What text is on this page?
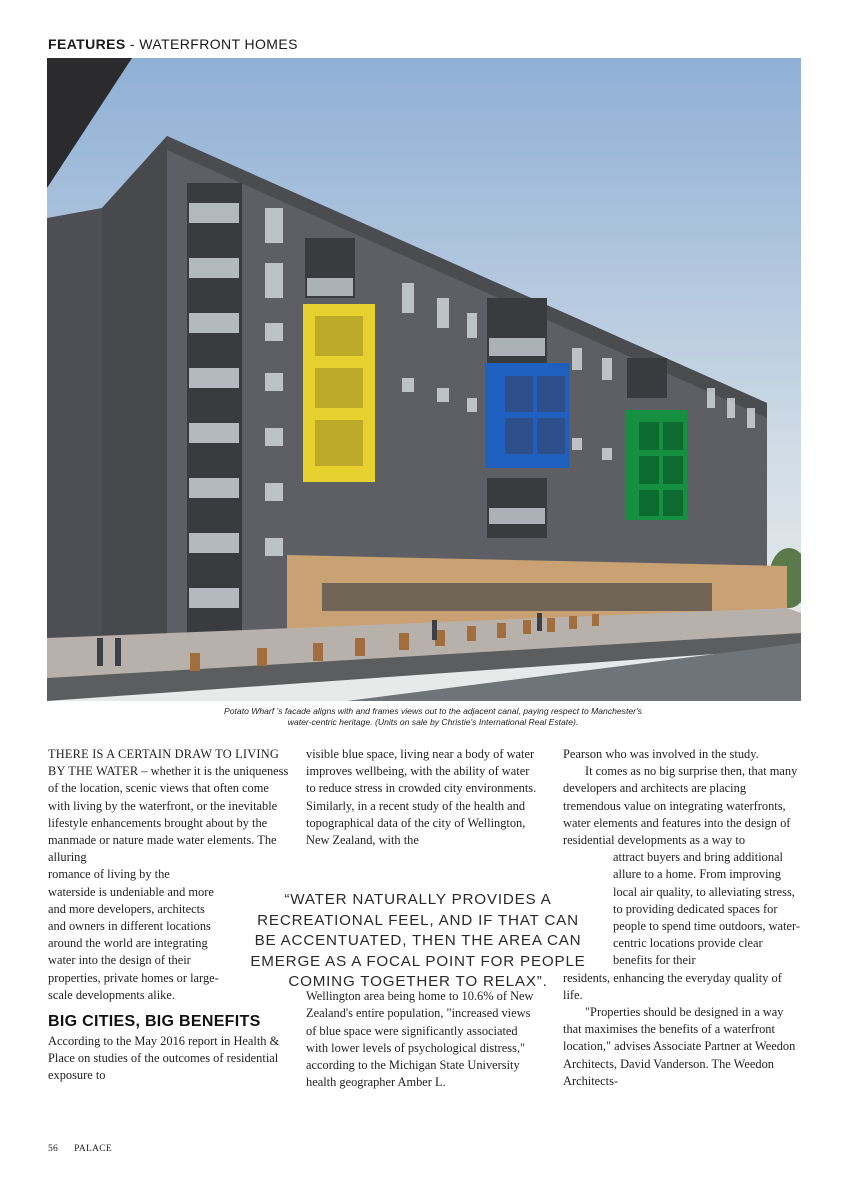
FEATURES - WATERFRONT HOMES
Potato Wharf 's facade aligns with and frames views out to the adjacent canal, paying respect to Manchester's
water-centric heritage. (Units on sale by Christie's International Real Estate).

THERE IS A CERTAIN DRAW TO LIVING BY THE WATER – whether it is the uniqueness of the location, scenic views that often come with living by the waterfront, or the inevitable lifestyle enhancements brought about by the manmade or nature made water elements. The alluring

romance of living by the waterside is undeniable and more and more developers, architects and owners in different locations around the world are integrating water into the design of their properties, private homes or large-scale developments alike.

BIG CITIES, BIG BENEFITS

According to the May 2016 report in Health & Place on studies of the outcomes of residential exposure to

visible blue space, living near a body of water improves wellbeing, with the ability of water to reduce stress in crowded city environments. Similarly, in a recent study of the health and topographical data of the city of Wellington, New Zealand, with the

Wellington area being home to 10.6% of New Zealand's entire population, "increased views of blue space were significantly associated with lower levels of psychological distress," according to the Michigan State University health geographer Amber L.

“WATER NATURALLY PROVIDES A RECREATIONAL FEEL, AND IF THAT CAN BE ACCENTUATED, THEN THE AREA CAN EMERGE AS A FOCAL POINT FOR PEOPLE COMING TOGETHER TO RELAX”.

Pearson who was involved in the study.

It comes as no big surprise then, that many developers and architects are placing tremendous value on integrating waterfronts, water elements and features into the design of residential developments as a way to

attract buyers and bring additional allure to a home. From improving local air quality, to alleviating stress, to providing dedicated spaces for people to spend time outdoors, water-centric locations provide clear benefits for their

residents, enhancing the everyday quality of life.

"Properties should be designed in a way that maximises the benefits of a waterfront location," advises Associate Partner at Weedon Architects, David Vanderson. The Weedon Architects-

56 PALACE
